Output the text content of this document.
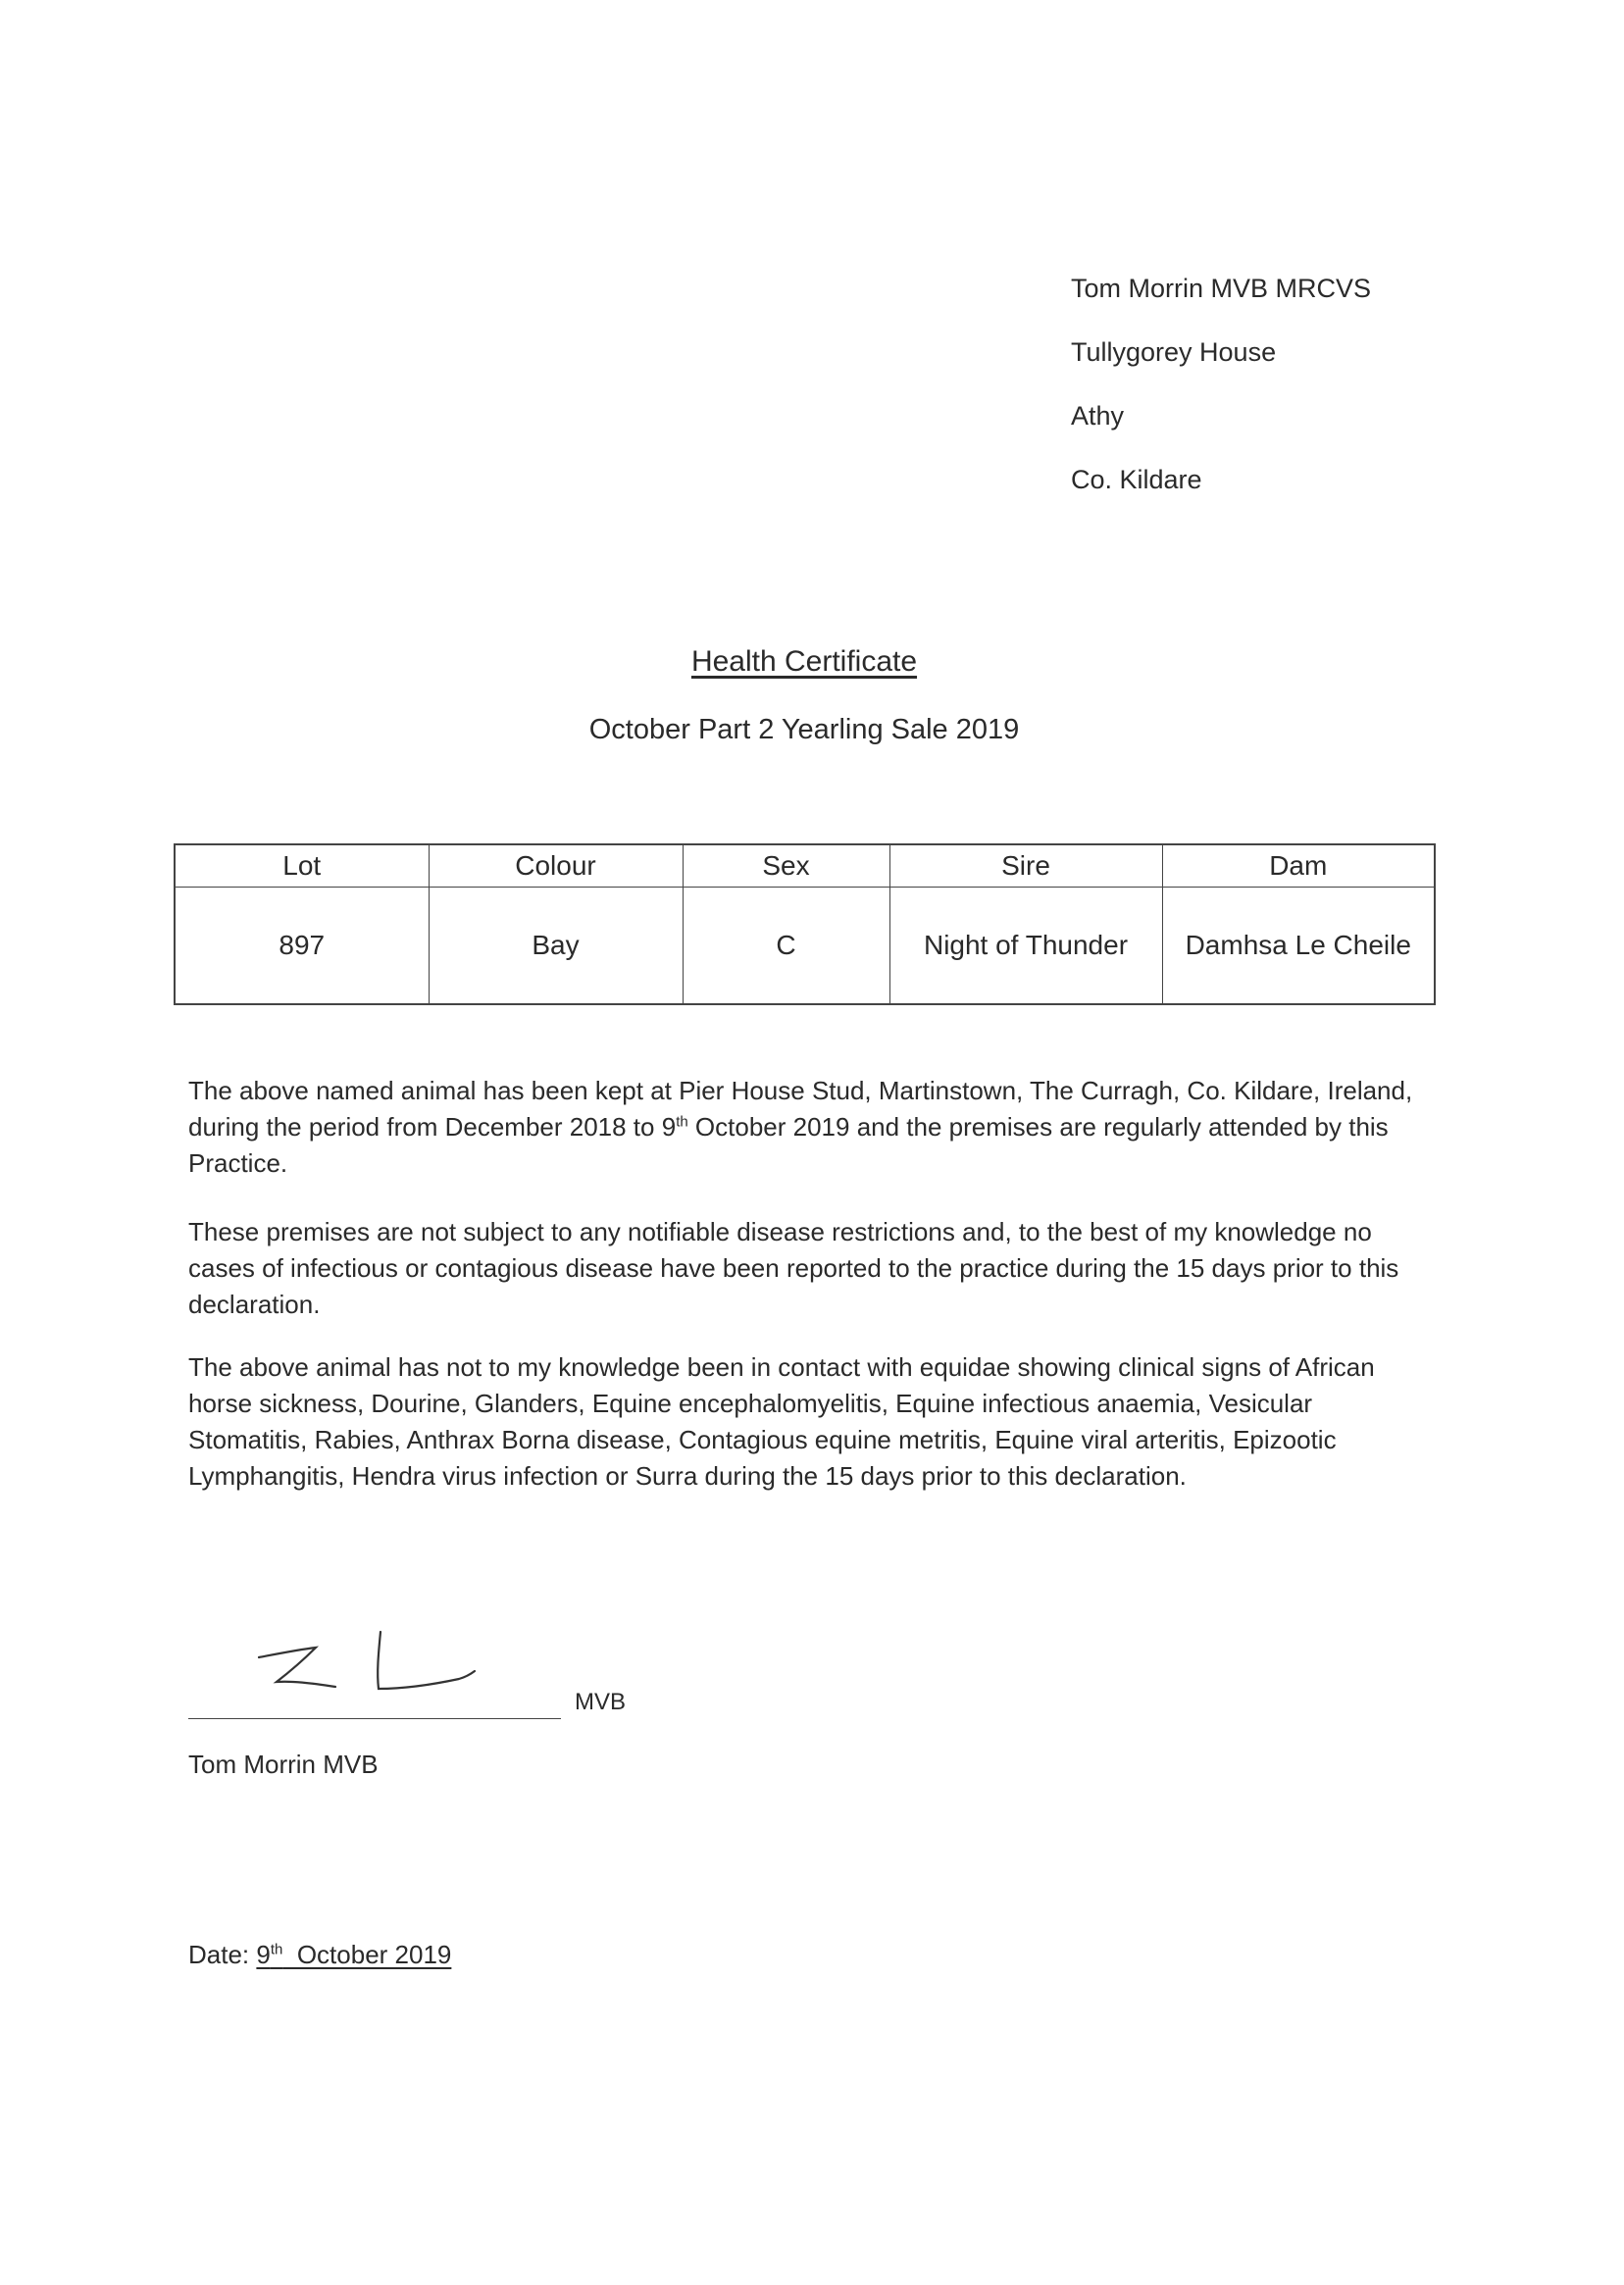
Tom Morrin MVB MRCVS
Tullygorey House
Athy
Co. Kildare
Health Certificate
October Part 2 Yearling Sale 2019
Lot	Colour	Sex	Sire	Dam
897	Bay	C	Night of Thunder	Damhsa Le Cheile
The above named animal has been kept at Pier House Stud, Martinstown, The Curragh, Co. Kildare, Ireland, during the period from December 2018 to 9th October 2019 and the premises are regularly attended by this Practice.
These premises are not subject to any notifiable disease restrictions and, to the best of my knowledge no cases of infectious or contagious disease have been reported to the practice during the 15 days prior to this declaration.
The above animal has not to my knowledge been in contact with equidae showing clinical signs of African horse sickness, Dourine, Glanders, Equine encephalomyelitis, Equine infectious anaemia, Vesicular Stomatitis, Rabies, Anthrax Borna disease, Contagious equine metritis, Equine viral arteritis, Epizootic Lymphangitis, Hendra virus infection or Surra during the 15 days prior to this declaration.
MVB
Tom Morrin MVB
Date: 9th  October 2019
